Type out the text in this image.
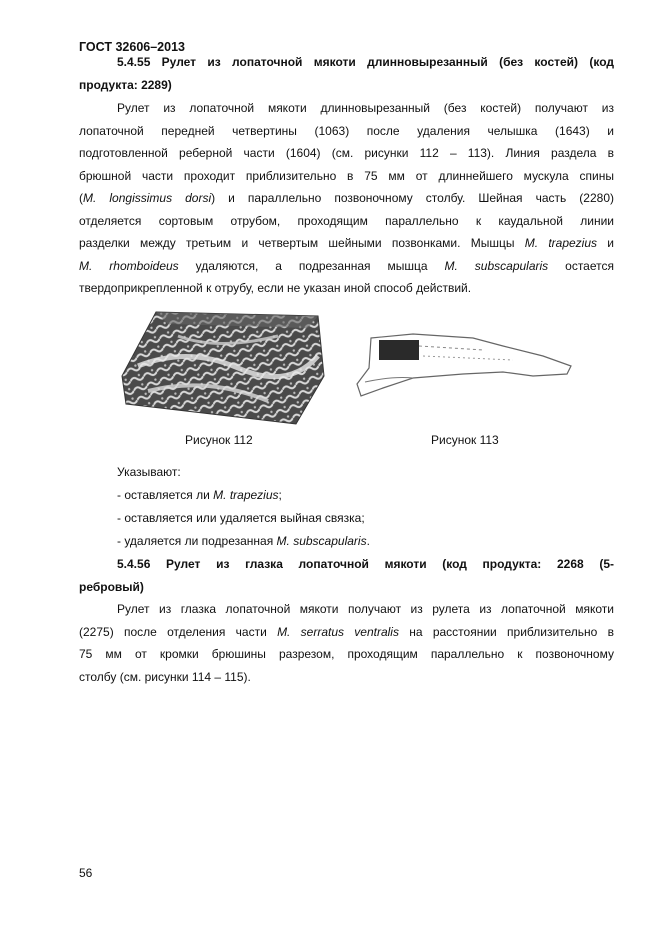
ГОСТ 32606–2013
5.4.55 Рулет из лопаточной мякоти длинновырезанный (без костей) (код
продукта: 2289)
Рулет из лопаточной мякоти длинновырезанный (без костей) получают из
лопаточной передней четвертины (1063) после удаления челышка (1643) и
подготовленной реберной части (1604) (см. рисунки 112 – 113). Линия раздела в
брюшной части проходит приблизительно в 75 мм от длиннейшего мускула спины
(M. longissimus dorsi) и параллельно позвоночному столбу. Шейная часть (2280)
отделяется сортовым отрубом, проходящим параллельно к каудальной линии
разделки между третьим и четвертым шейными позвонками. Мышцы M. trapezius и
M. rhomboideus удаляются, а подрезанная мышца M. subscapularis остается
твердоприкрепленной к отрубу, если не указан иной способ действий.
Рисунок 112	Рисунок 113
Указывают:
- оставляется ли M. trapezius;
- оставляется или удаляется выйная связка;
- удаляется ли подрезанная M. subscapularis.
5.4.56 Рулет из глазка лопаточной мякоти (код продукта: 2268 (5-
ребровый)
Рулет из глазка лопаточной мякоти получают из рулета из лопаточной мякоти
(2275) после отделения части M. serratus ventralis на расстоянии приблизительно в
75 мм от кромки брюшины разрезом, проходящим параллельно к позвоночному
столбу (см. рисунки 114 – 115).
56
